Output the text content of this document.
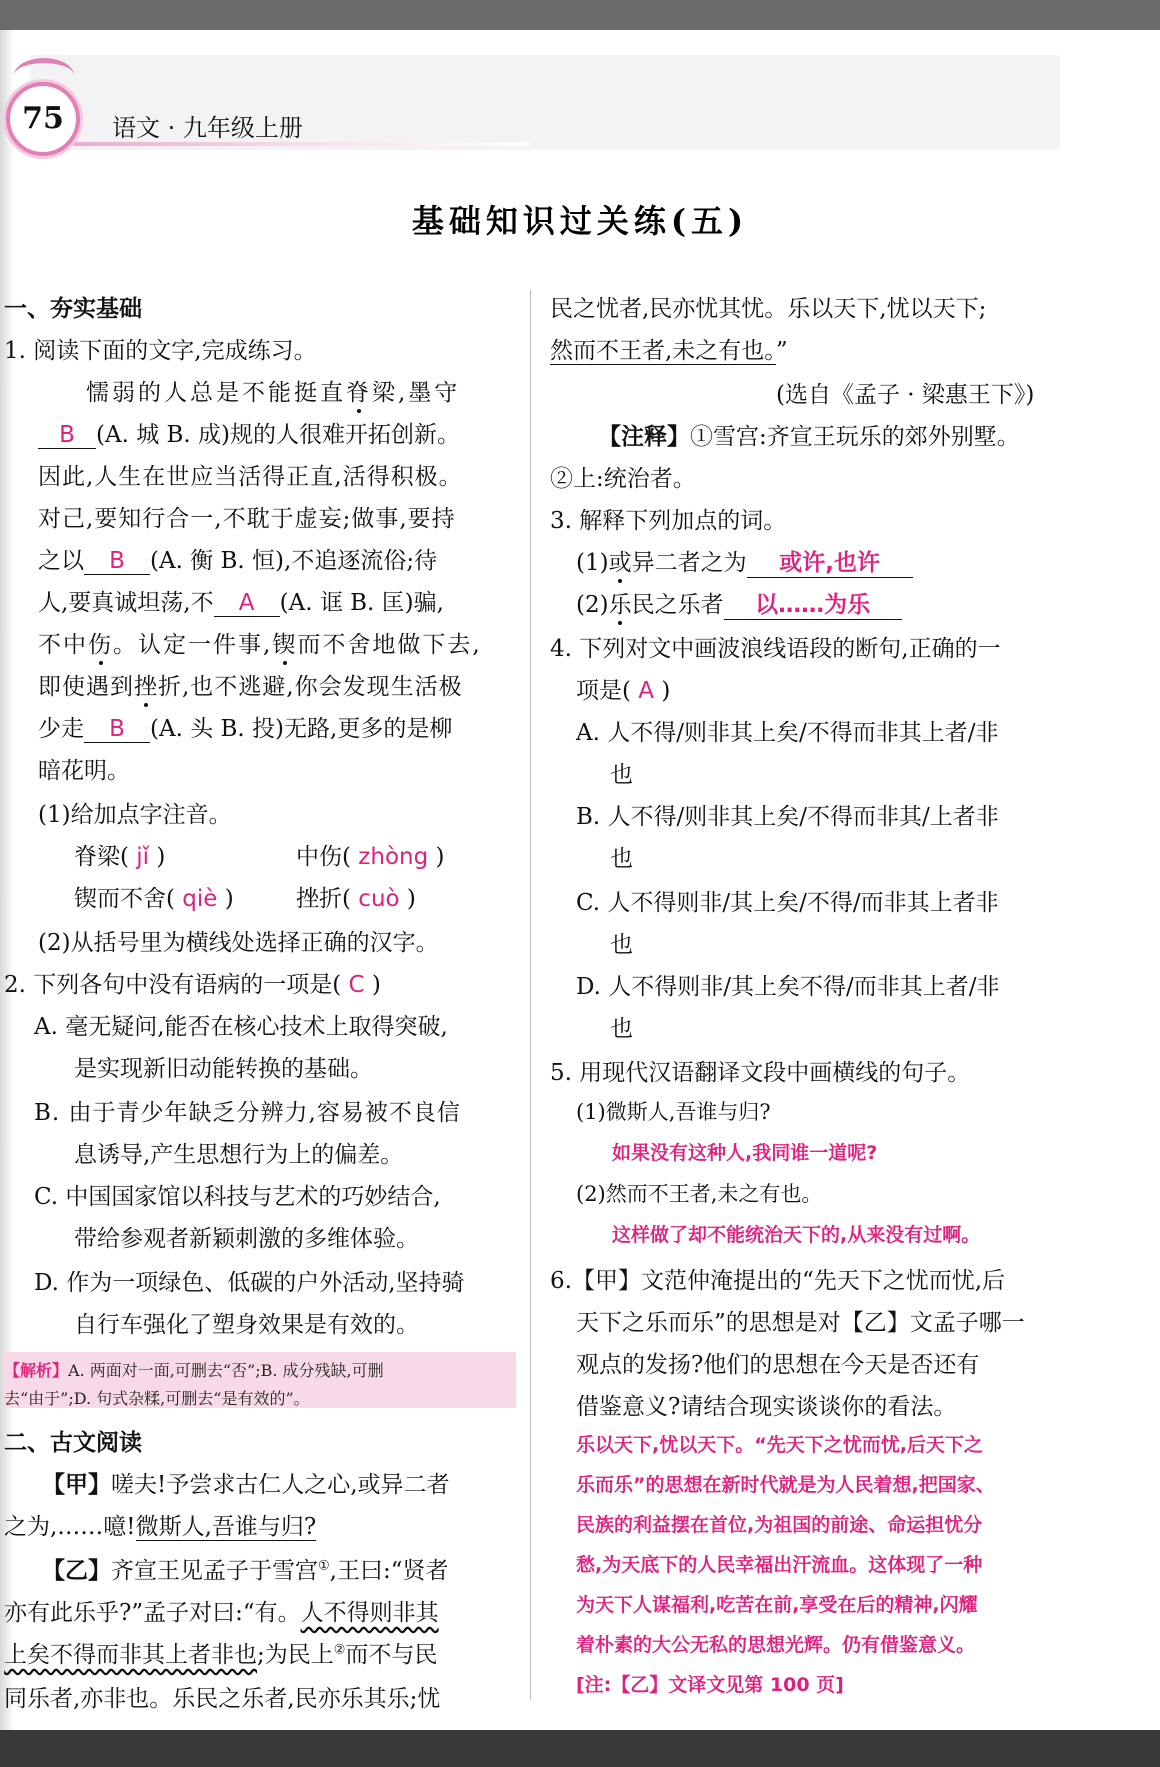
75	语文 · 九年级上册
基础知识过关练(五)
一、夯实基础
1. 阅读下面的文字,完成练习。
懦弱的人总是不能挺直脊梁,墨守
B (A. 城 B. 成)规的人很难开拓创新。
因此,人生在世应当活得正直,活得积极。
对己,要知行合一,不耽于虚妄;做事,要持
之以 B (A. 衡 B. 恒),不追逐流俗;待
人,要真诚坦荡,不 A (A. 诓 B. 匡)骗,
不中伤。认定一件事,锲而不舍地做下去,
即使遇到挫折,也不逃避,你会发现生活极
少走 B (A. 头 B. 投)无路,更多的是柳
暗花明。
(1)给加点字注音。
脊梁( jǐ )	中伤( zhòng )
锲而不舍( qiè )	挫折( cuò )
(2)从括号里为横线处选择正确的汉字。
2. 下列各句中没有语病的一项是( C )
A. 毫无疑问,能否在核心技术上取得突破,
是实现新旧动能转换的基础。
B. 由于青少年缺乏分辨力,容易被不良信
息诱导,产生思想行为上的偏差。
C. 中国国家馆以科技与艺术的巧妙结合,
带给参观者新颖刺激的多维体验。
D. 作为一项绿色、低碳的户外活动,坚持骑
自行车强化了塑身效果是有效的。
【解析】A. 两面对一面,可删去“否”;B. 成分残缺,可删
去“由于”;D. 句式杂糅,可删去“是有效的”。
二、古文阅读
【甲】嗟夫!予尝求古仁人之心,或异二者
之为,……噫!微斯人,吾谁与归?
【乙】齐宣王见孟子于雪宫①,王曰:“贤者
亦有此乐乎?”孟子对曰:“有。人不得则非其
上矣不得而非其上者非也;为民上②而不与民
同乐者,亦非也。乐民之乐者,民亦乐其乐;忧
民之忧者,民亦忧其忧。乐以天下,忧以天下;
然而不王者,未之有也。”
(选自《孟子 · 梁惠王下》)
【注释】①雪宫:齐宣王玩乐的郊外别墅。
②上:统治者。
3. 解释下列加点的词。
(1)或异二者之为 或许,也许
(2)乐民之乐者 以……为乐
4. 下列对文中画波浪线语段的断句,正确的一
项是( A )
A. 人不得/则非其上矣/不得而非其上者/非
也
B. 人不得/则非其上矣/不得而非其/上者非
也
C. 人不得则非/其上矣/不得/而非其上者非
也
D. 人不得则非/其上矣不得/而非其上者/非
也
5. 用现代汉语翻译文段中画横线的句子。
(1)微斯人,吾谁与归?
如果没有这种人,我同谁一道呢?
(2)然而不王者,未之有也。
这样做了却不能统治天下的,从来没有过啊。
6.【甲】文范仲淹提出的“先天下之忧而忧,后
天下之乐而乐”的思想是对【乙】文孟子哪一
观点的发扬?他们的思想在今天是否还有
借鉴意义?请结合现实谈谈你的看法。
乐以天下,忧以天下。“先天下之忧而忧,后天下之
乐而乐”的思想在新时代就是为人民着想,把国家、
民族的利益摆在首位,为祖国的前途、命运担忧分
愁,为天底下的人民幸福出汗流血。这体现了一种
为天下人谋福利,吃苦在前,享受在后的精神,闪耀
着朴素的大公无私的思想光辉。仍有借鉴意义。
[注:【乙】文译文见第 100 页]
